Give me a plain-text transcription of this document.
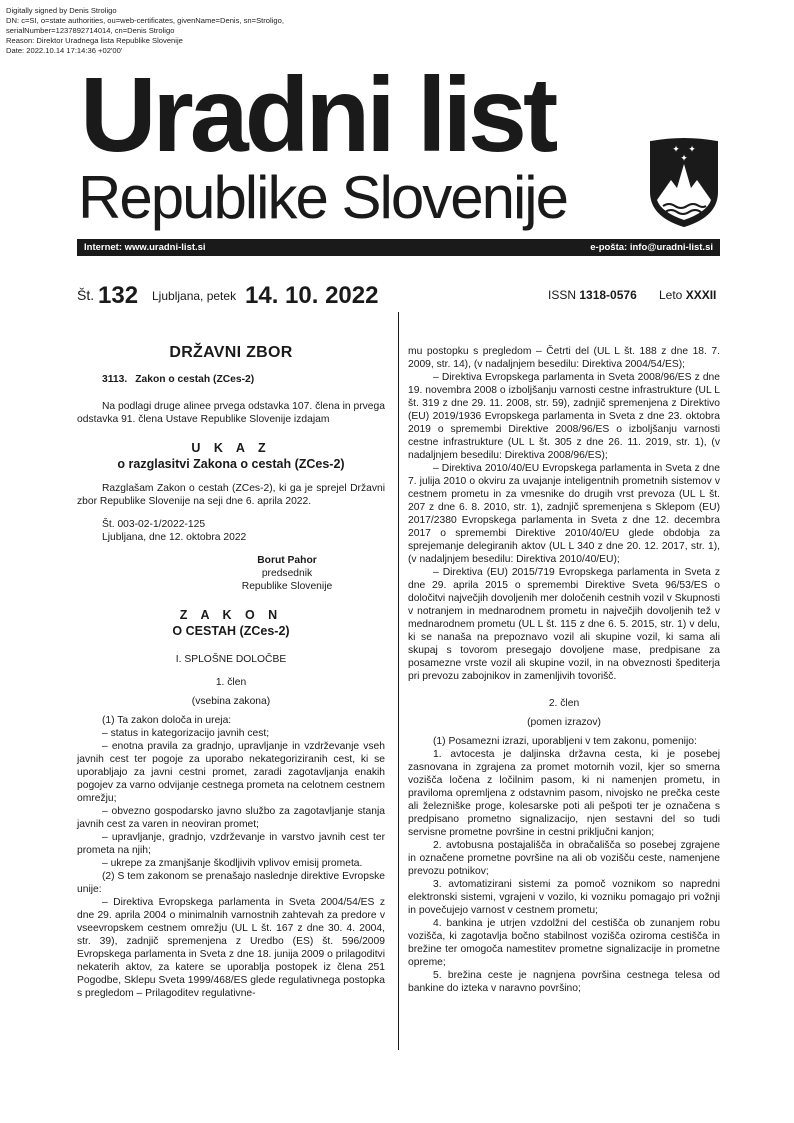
Digitally signed by Denis Stroligo
DN: c=SI, o=state authorities, ou=web-certificates, givenName=Denis, sn=Stroligo,
serialNumber=1237892714014, cn=Denis Stroligo
Reason: Direktor Uradnega lista Republike Slovenije
Date: 2022.10.14 17:14:36 +02'00'
Uradni list
Republike Slovenije
✦ ✦
✦
Internet: www.uradni-list.si	e-pošta: info@uradni-list.si
Št. 132 Ljubljana, petek 14. 10. 2022	ISSN 1318-0576 Leto XXXII
DRŽAVNI ZBOR
3113. Zakon o cestah (ZCes-2)
Na podlagi druge alinee prvega odstavka 107. člena in prvega odstavka 91. člena Ustave Republike Slovenije izdajam
U K A Z
o razglasitvi Zakona o cestah (ZCes-2)
Razglašam Zakon o cestah (ZCes-2), ki ga je sprejel Državni zbor Republike Slovenije na seji dne 6. aprila 2022.
Št. 003-02-1/2022-125
Ljubljana, dne 12. oktobra 2022
Borut Pahor
predsednik
Republike Slovenije
Z A K O N
O CESTAH (ZCes-2)
I. SPLOŠNE DOLOČBE
1. člen
(vsebina zakona)
(1) Ta zakon določa in ureja:
– status in kategorizacijo javnih cest;
– enotna pravila za gradnjo, upravljanje in vzdrževanje vseh javnih cest ter pogoje za uporabo nekategoriziranih cest, ki se uporabljajo za javni cestni promet, zaradi zagotavljanja enakih pogojev za varno odvijanje cestnega prometa na celotnem cestnem omrežju;
– obvezno gospodarsko javno službo za zagotavljanje stanja javnih cest za varen in neoviran promet;
– upravljanje, gradnjo, vzdrževanje in varstvo javnih cest ter prometa na njih;
– ukrepe za zmanjšanje škodljivih vplivov emisij prometa.
(2) S tem zakonom se prenašajo naslednje direktive Evropske unije:
– Direktiva Evropskega parlamenta in Sveta 2004/54/ES z dne 29. aprila 2004 o minimalnih varnostnih zahtevah za predore v vseevropskem cestnem omrežju (UL L št. 167 z dne 30. 4. 2004, str. 39), zadnjič spremenjena z Uredbo (ES) št. 596/2009 Evropskega parlamenta in Sveta z dne 18. junija 2009 o prilagoditvi nekaterih aktov, za katere se uporablja postopek iz člena 251 Pogodbe, Sklepu Sveta 1999/468/ES glede regulativnega postopka s pregledom – Prilagoditev regulativne-
mu postopku s pregledom – Četrti del (UL L št. 188 z dne 18. 7. 2009, str. 14), (v nadaljnjem besedilu: Direktiva 2004/54/ES);
– Direktiva Evropskega parlamenta in Sveta 2008/96/ES z dne 19. novembra 2008 o izboljšanju varnosti cestne infrastrukture (UL L št. 319 z dne 29. 11. 2008, str. 59), zadnjič spremenjena z Direktivo (EU) 2019/1936 Evropskega parlamenta in Sveta z dne 23. oktobra 2019 o spremembi Direktive 2008/96/ES o izboljšanju varnosti cestne infrastrukture (UL L št. 305 z dne 26. 11. 2019, str. 1), (v nadaljnjem besedilu: Direktiva 2008/96/ES);
– Direktiva 2010/40/EU Evropskega parlamenta in Sveta z dne 7. julija 2010 o okviru za uvajanje inteligentnih prometnih sistemov v cestnem prometu in za vmesnike do drugih vrst prevoza (UL L št. 207 z dne 6. 8. 2010, str. 1), zadnjič spremenjena s Sklepom (EU) 2017/2380 Evropskega parlamenta in Sveta z dne 12. decembra 2017 o spremembi Direktive 2010/40/EU glede obdobja za sprejemanje delegiranih aktov (UL L 340 z dne 20. 12. 2017, str. 1), (v nadaljnjem besedilu: Direktiva 2010/40/EU);
– Direktiva (EU) 2015/719 Evropskega parlamenta in Sveta z dne 29. aprila 2015 o spremembi Direktive Sveta 96/53/ES o določitvi največjih dovoljenih mer določenih cestnih vozil v Skupnosti v notranjem in mednarodnem prometu in največjih dovoljenih tež v mednarodnem prometu (UL L št. 115 z dne 6. 5. 2015, str. 1) v delu, ki se nanaša na prepoznavo vozil ali skupine vozil, ki sama ali skupaj s tovorom presegajo dovoljene mase, predpisane za posamezne vrste vozil ali skupine vozil, in na obveznosti špediterja pri prevozu zabojnikov in zamenljivih tovorišč.
2. člen
(pomen izrazov)
(1) Posamezni izrazi, uporabljeni v tem zakonu, pomenijo:
1. avtocesta je daljinska državna cesta, ki je posebej zasnovana in zgrajena za promet motornih vozil, kjer so smerna vozišča ločena z ločilnim pasom, ki ni namenjen prometu, in praviloma opremljena z odstavnim pasom, nivojsko ne prečka ceste ali železniške proge, kolesarske poti ali pešpoti ter je označena s predpisano prometno signalizacijo, njen sestavni del so tudi servisne prometne površine in cestni priključni kanjon;
2. avtobusna postajališča in obračališča so posebej zgrajene in označene prometne površine na ali ob vozišču ceste, namenjene prevozu potnikov;
3. avtomatizirani sistemi za pomoč voznikom so napredni elektronski sistemi, vgrajeni v vozilo, ki vozniku pomagajo pri vožnji in povečujejo varnost v cestnem prometu;
4. bankina je utrjen vzdolžni del cestišča ob zunanjem robu vozišča, ki zagotavlja bočno stabilnost vozišča oziroma cestišča in brežine ter omogoča namestitev prometne signalizacije in prometne opreme;
5. brežina ceste je nagnjena površina cestnega telesa od bankine do izteka v naravno površino;
